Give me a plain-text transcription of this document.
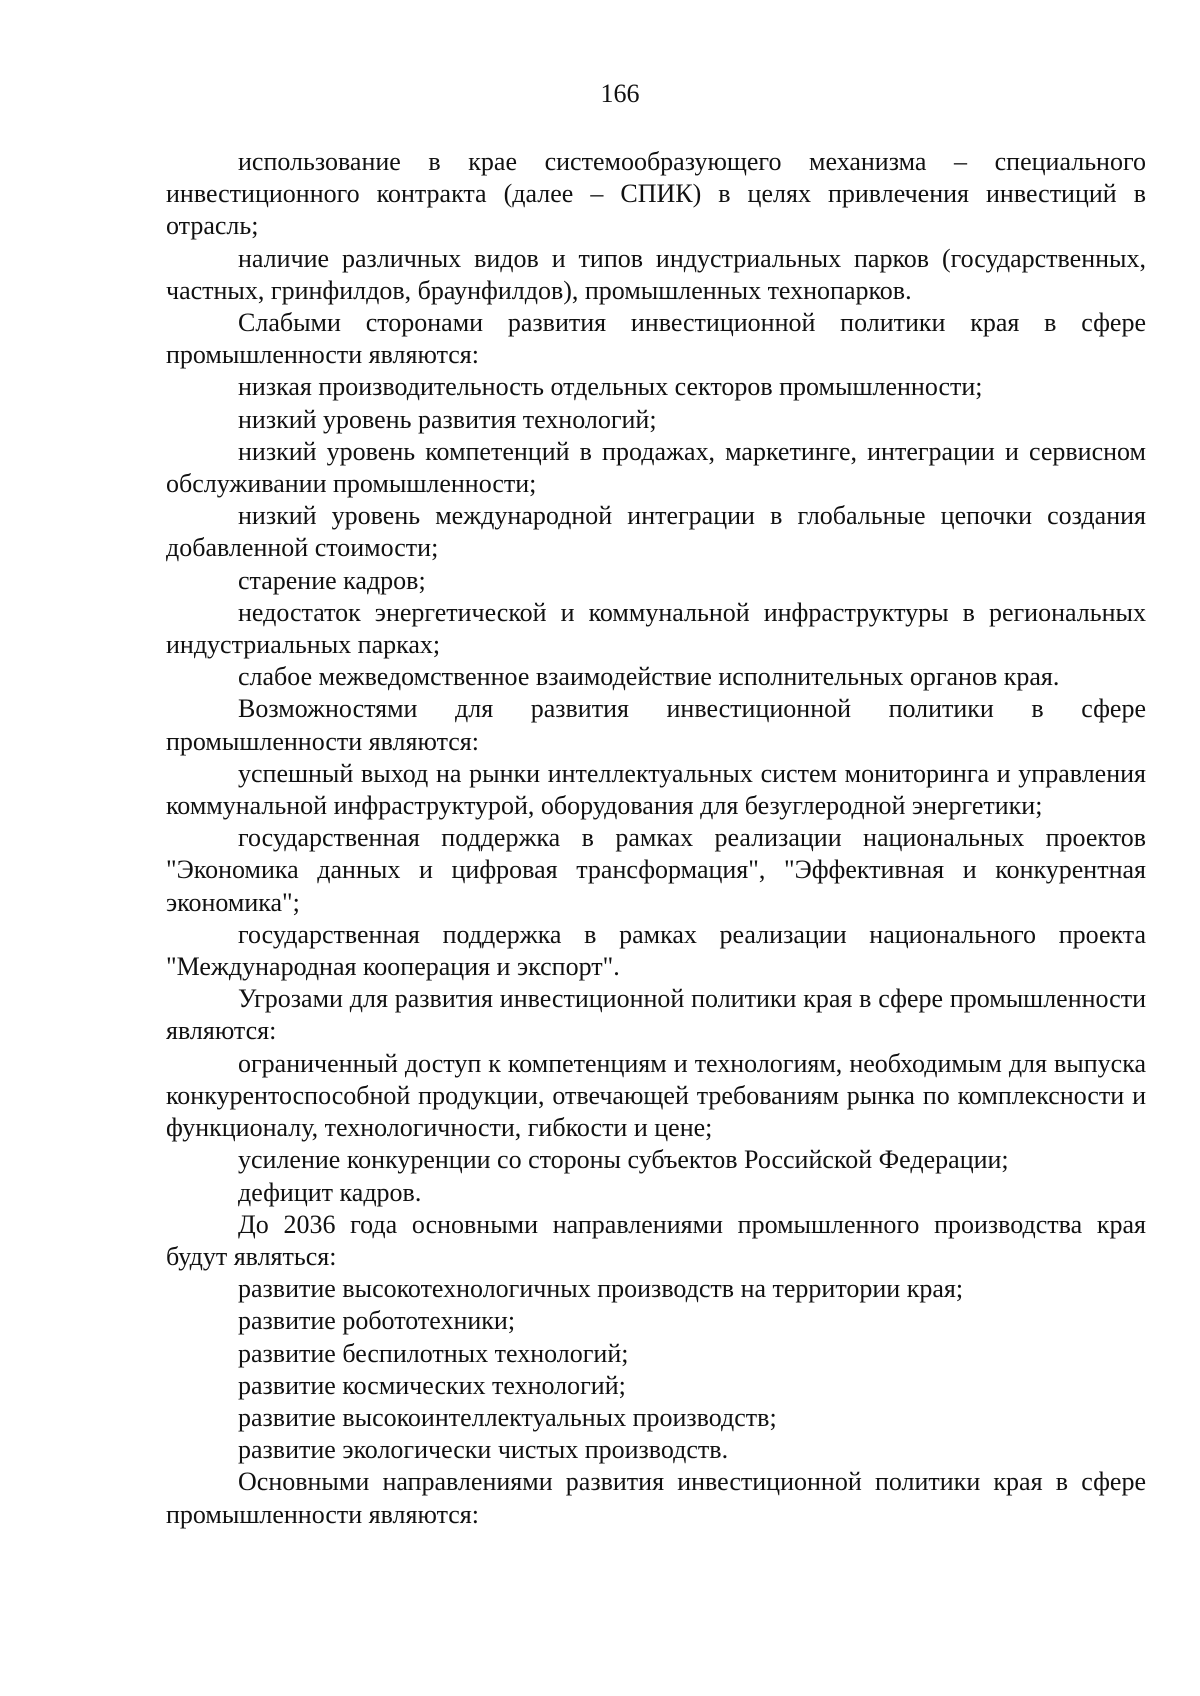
166

использование в крае системообразующего механизма – специального инвестиционного контракта (далее – СПИК) в целях привлечения инвестиций в отрасль;

наличие различных видов и типов индустриальных парков (государственных, частных, гринфилдов, браунфилдов), промышленных технопарков.

Слабыми сторонами развития инвестиционной политики края в сфере промышленности являются:

низкая производительность отдельных секторов промышленности;

низкий уровень развития технологий;

низкий уровень компетенций в продажах, маркетинге, интеграции и сервисном обслуживании промышленности;

низкий уровень международной интеграции в глобальные цепочки создания добавленной стоимости;

старение кадров;

недостаток энергетической и коммунальной инфраструктуры в региональных индустриальных парках;

слабое межведомственное взаимодействие исполнительных органов края.

Возможностями для развития инвестиционной политики в сфере промышленности являются:

успешный выход на рынки интеллектуальных систем мониторинга и управления коммунальной инфраструктурой, оборудования для безуглеродной энергетики;

государственная поддержка в рамках реализации национальных проектов "Экономика данных и цифровая трансформация", "Эффективная и конкурентная экономика";

государственная поддержка в рамках реализации национального проекта "Международная кооперация и экспорт".

Угрозами для развития инвестиционной политики края в сфере промышленности являются:

ограниченный доступ к компетенциям и технологиям, необходимым для выпуска конкурентоспособной продукции, отвечающей требованиям рынка по комплексности и функционалу, технологичности, гибкости и цене;

усиление конкуренции со стороны субъектов Российской Федерации;

дефицит кадров.

До 2036 года основными направлениями промышленного производства края будут являться:

развитие высокотехнологичных производств на территории края;

развитие робототехники;

развитие беспилотных технологий;

развитие космических технологий;

развитие высокоинтеллектуальных производств;

развитие экологически чистых производств.

Основными направлениями развития инвестиционной политики края в сфере промышленности являются:
